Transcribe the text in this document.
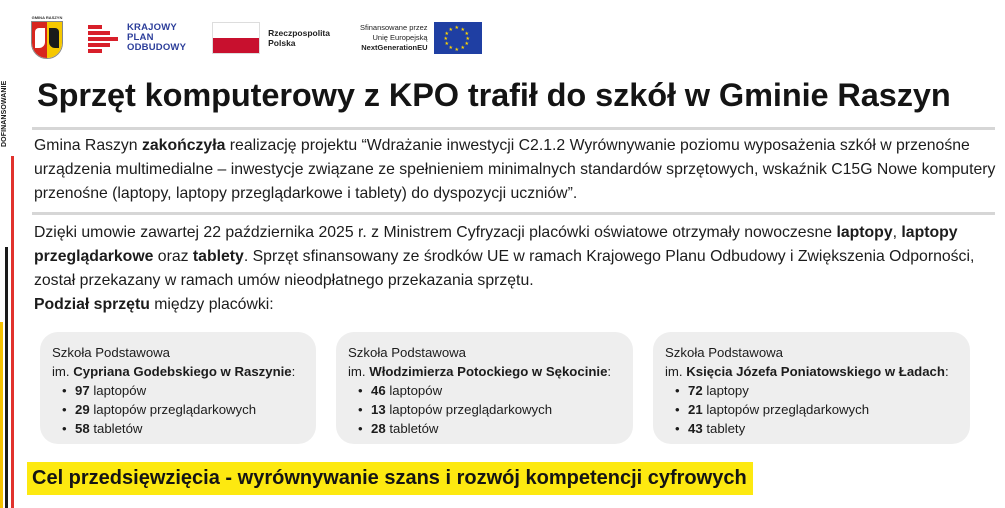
DOFINANSOWANIE
GMINA RASZYN
KRAJOWY
PLAN
ODBUDOWY
Rzeczpospolita
Polska
Sfinansowane przez
Unię Europejską
NextGenerationEU
★ ★
★
★
★
★
★
★
★
★
★
★
Sprzęt komputerowy z KPO trafił do szkół w Gminie Raszyn

Gmina Raszyn zakończyła realizację projektu “Wdrażanie inwestycji C2.1.2 Wyrównywanie poziomu wyposażenia szkół w przenośne urządzenia multimedialne – inwestycje związane ze spełnieniem minimalnych standardów sprzętowych, wskaźnik C15G Nowe komputery przenośne (laptopy, laptopy przeglądarkowe i tablety) do dyspozycji uczniów”.

Dzięki umowie zawartej 22 października 2025 r. z Ministrem Cyfryzacji placówki oświatowe otrzymały nowoczesne laptopy, laptopy przeglądarkowe oraz tablety. Sprzęt sfinansowany ze środków UE w ramach Krajowego Planu Odbudowy i Zwiększenia Odporności, został przekazany w ramach umów nieodpłatnego przekazania sprzętu.
Podział sprzętu między placówki:

Szkoła Podstawowa
im. Cypriana Godebskiego w Raszynie:
• 97 laptopów
• 29 laptopów przeglądarkowych
• 58 tabletów
Szkoła Podstawowa
im. Włodzimierza Potockiego w Sękocinie:
• 46 laptopów
• 13 laptopów przeglądarkowych
• 28 tabletów
Szkoła Podstawowa
im. Księcia Józefa Poniatowskiego w Ładach:
• 72 laptopy
• 21 laptopów przeglądarkowych
• 43 tablety
Cel przedsięwzięcia - wyrównywanie szans i rozwój kompetencji cyfrowych
